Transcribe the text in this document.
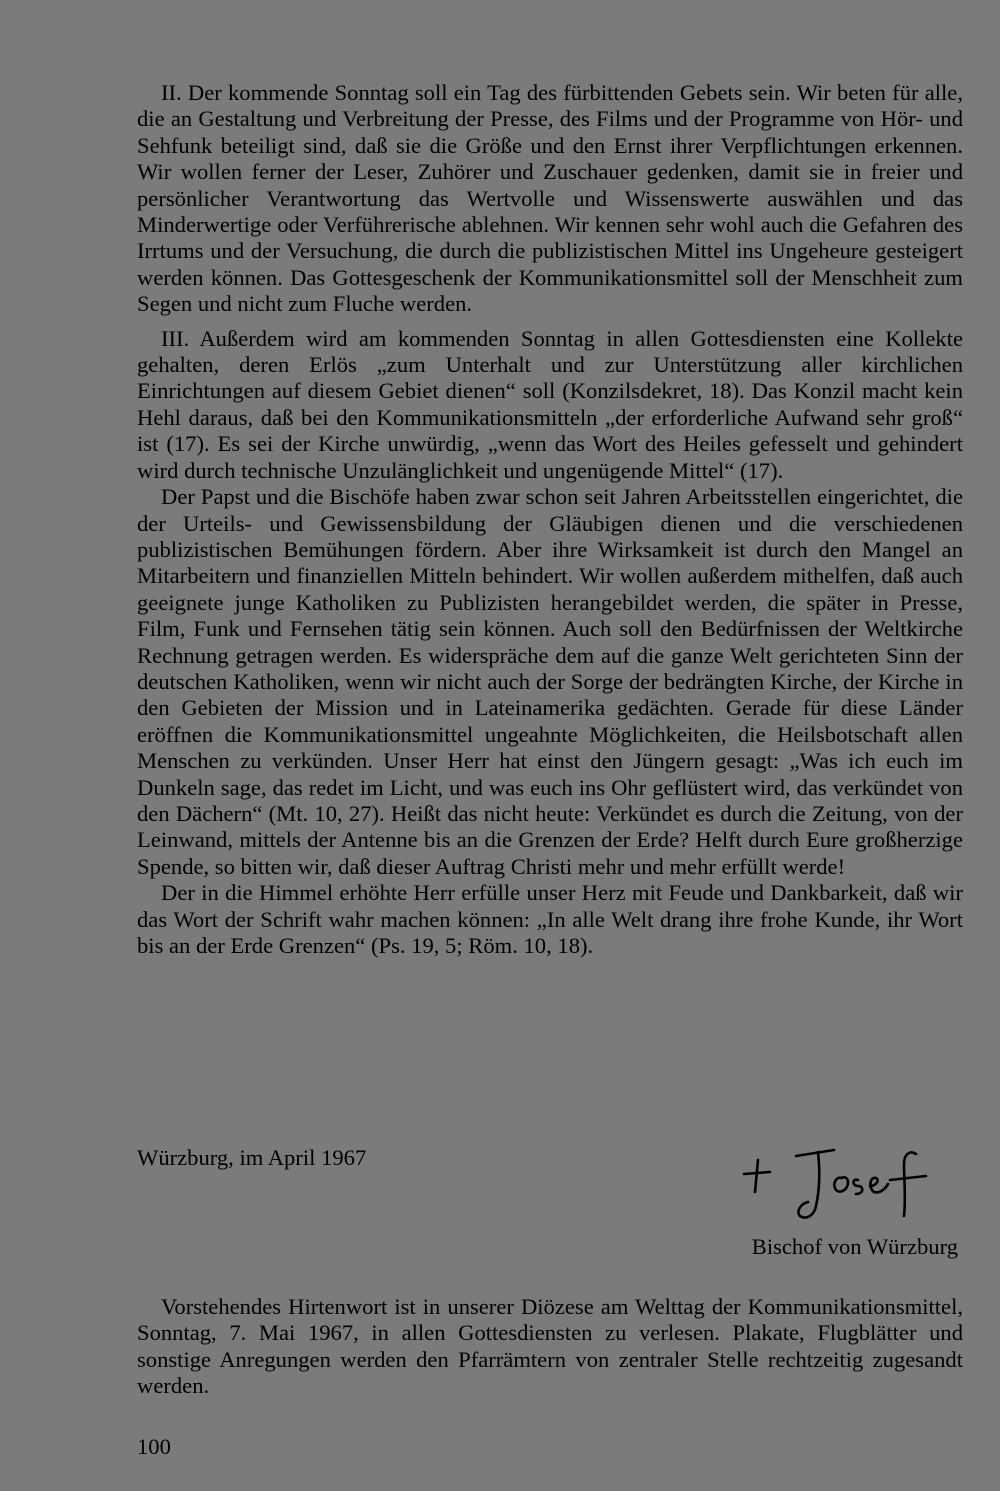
II. Der kommende Sonntag soll ein Tag des fürbittenden Gebets sein. Wir beten für alle, die an Gestaltung und Verbreitung der Presse, des Films und der Programme von Hör- und Sehfunk beteiligt sind, daß sie die Größe und den Ernst ihrer Verpflichtungen erkennen. Wir wollen ferner der Leser, Zuhörer und Zuschauer gedenken, damit sie in freier und persönlicher Verantwortung das Wertvolle und Wissenswerte auswählen und das Minderwertige oder Verführerische ablehnen. Wir kennen sehr wohl auch die Gefahren des Irrtums und der Versuchung, die durch die publizistischen Mittel ins Ungeheure gesteigert werden können. Das Gottesgeschenk der Kommunikationsmittel soll der Menschheit zum Segen und nicht zum Fluche werden.

III. Außerdem wird am kommenden Sonntag in allen Gottesdiensten eine Kollekte gehalten, deren Erlös „zum Unterhalt und zur Unterstützung aller kirchlichen Einrichtungen auf diesem Gebiet dienen“ soll (Konzilsdekret, 18). Das Konzil macht kein Hehl daraus, daß bei den Kommunikationsmitteln „der erforderliche Aufwand sehr groß“ ist (17). Es sei der Kirche unwürdig, „wenn das Wort des Heiles gefesselt und gehindert wird durch technische Unzulänglichkeit und ungenügende Mittel“ (17).

Der Papst und die Bischöfe haben zwar schon seit Jahren Arbeitsstellen eingerichtet, die der Urteils- und Gewissensbildung der Gläubigen dienen und die verschiedenen publizistischen Bemühungen fördern. Aber ihre Wirksamkeit ist durch den Mangel an Mitarbeitern und finanziellen Mitteln behindert. Wir wollen außerdem mithelfen, daß auch geeignete junge Katholiken zu Publizisten herangebildet werden, die später in Presse, Film, Funk und Fernsehen tätig sein können. Auch soll den Bedürfnissen der Weltkirche Rechnung getragen werden. Es widerspräche dem auf die ganze Welt gerichteten Sinn der deutschen Katholiken, wenn wir nicht auch der Sorge der bedrängten Kirche, der Kirche in den Gebieten der Mission und in Lateinamerika gedächten. Gerade für diese Länder eröffnen die Kommunikationsmittel ungeahnte Möglichkeiten, die Heilsbotschaft allen Menschen zu verkünden. Unser Herr hat einst den Jüngern gesagt: „Was ich euch im Dunkeln sage, das redet im Licht, und was euch ins Ohr geflüstert wird, das verkündet von den Dächern“ (Mt. 10, 27). Heißt das nicht heute: Verkündet es durch die Zeitung, von der Leinwand, mittels der Antenne bis an die Grenzen der Erde? Helft durch Eure großherzige Spende, so bitten wir, daß dieser Auftrag Christi mehr und mehr erfüllt werde!

Der in die Himmel erhöhte Herr erfülle unser Herz mit Feude und Dankbarkeit, daß wir das Wort der Schrift wahr machen können: „In alle Welt drang ihre frohe Kunde, ihr Wort bis an der Erde Grenzen“ (Ps. 19, 5; Röm. 10, 18).

Würzburg, im April 1967

Bischof von Würzburg

Vorstehendes Hirtenwort ist in unserer Diözese am Welttag der Kommunikationsmittel, Sonntag, 7. Mai 1967, in allen Gottesdiensten zu verlesen. Plakate, Flugblätter und sonstige Anregungen werden den Pfarrämtern von zentraler Stelle rechtzeitig zugesandt werden.

100
